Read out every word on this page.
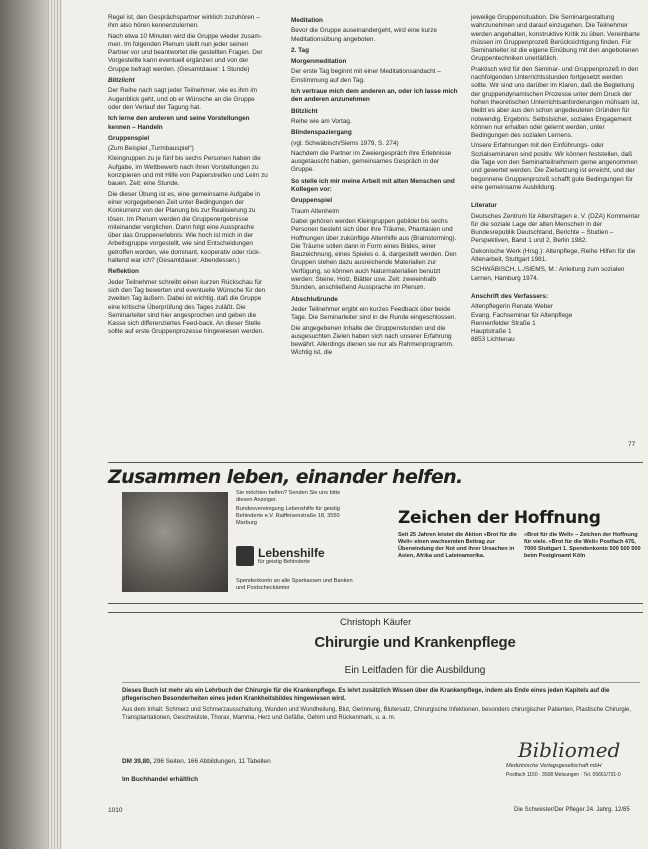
Regel ist, den Gesprächspartner wirklich zuzuhören – ihm also hören kennenzulernen.

Nach etwa 10 Minuten wird die Gruppe wieder zusammen. Im folgenden Plenum stellt nun jeder seinen Partner vor und beantwortet die gestellten Fragen. Der Vorgestellte kann eventuell ergänzen und von der Gruppe befragt werden. (Gesamtdauer: 1 Stunde)

Blitzlicht

Der Reihe nach sagt jeder Teilnehmer, wie es ihm im Augenblick geht, und ob er Wünsche an die Gruppe oder den Verlauf der Tagung hat.

Ich lerne den anderen und seine Vorstellungen kennen – Handeln

Gruppenspiel

(Zum Beispiel „Turmbauspiel“)

Kleingruppen zu je fünf bis sechs Personen haben die Aufgabe, im Wettbewerb nach ihren Vorstellungen zu konzipieren und mit Hilfe von Papierstreifen und Leim zu bauen. Zeit: eine Stunde.

Die dieser Übung ist es, eine gemeinsame Aufgabe in einer vorgegebenen Zeit unter Bedingungen der Konkurrenz von der Planung bis zur Realisierung zu lösen. Im Plenum werden die Gruppenergebnisse miteinander verglichen. Dann folgt eine Aussprache über das Gruppenerlebnis: Wie hoch ist mich in der Arbeitsgruppe vorgestellt, wie sind Entscheidungen getroffen worden, wie dominant, kooperativ oder rückhaltend war ich? (Gesamtdauer: Abendessen.)

Reflektion

Jeder Teilnehmer schreibt einen kurzen Rückschau für sich den Tag bewerten und eventuelle Wünsche für den zweiten Tag äußern. Dabei ist wichtig, daß die Gruppe eine kritische Überprüfung des Tages zuläßt. Die Seminarleiter sind hier angesprochen und geben die Kasse sich differenziertes Feed-back. An dieser Stelle sollte auf erste Gruppenprozesse hingewiesen werden.

Meditation

Bevor die Gruppe auseinandergeht, wird eine kurze Meditationsübung angeboten.

2. Tag

Morgenmeditation

Der erste Tag beginnt mit einer Meditationsandacht – Einstimmung auf den Tag.

Ich vertraue mich dem anderen an, oder ich lasse mich den anderen anzunehmen

Blitzlicht

Reihe wie am Vortag.

Blindenspaziergang

(vgl. Schwäbisch/Siems 1979, S. 274)

Nachdem die Partner im Zweiergespräch ihre Erlebnisse ausgetauscht haben, gemeinsames Gespräch in der Gruppe.

So stelle ich mir meine Arbeit mit alten Menschen und Kollegen vor:

Gruppenspiel

Traum Altenheim

Dabei gehören werden Kleingruppen gebildet bis sechs Personen besteht sich über ihre Träume, Phantasien und Hoffnungen über zukünftige Altenhilfe aus (Brainstorming). Die Träume sollen dann in Form eines Bildes, einer Bauzeichnung, eines Spieles o. ä. dargestellt werden. Den Gruppen stehen dazu ausreichende Materialien zur Verfügung, so können auch Naturmaterialien benutzt werden: Steine, Holz, Blätter usw. Zeit: zweieinhalb Stunden, anschließend Aussprache im Plenum.

Abschlußrunde

Jeder Teilnehmer ergibt ein kurzes Feedback über beide Tage. Die Seminarleiter sind in die Runde eingeschlossen.

Die angegebenen Inhalte der Gruppenstunden und die ausgesuchten Zielen haben sich nach unserer Erfahrung bewährt. Allerdings dienen sie nur als Rahmenprogramm. Wichtig ist, die

jeweilige Gruppensituation. Die Seminargestaltung wahrzunehmen und darauf einzugehen. Die Teilnehmer werden angehalten, konstruktive Kritik zu üben. Vereinbarte müssen im Gruppenprozeß Berücksichtigung finden. Für Seminarleiter ist die eigene Einübung mit den angebotenen Gruppentechniken unerläßlich.

Praktisch wird für den Seminar- und Gruppenprozeß in den nachfolgenden Unterrichtsstunden fortgesetzt werden sollte. Wir sind uns darüber im Klaren, daß die Begleitung der gruppendynamischen Prozesse unter dem Druck der hohen theoretischen Unterrichtsanforderungen mühsam ist, bleibt es aber aus den schon angedeuteten Gründen für notwendig. Ergebnis: Selbstsicher, soziales Engagement können nur erhalten oder gelernt werden, unter Bedingungen des sozialen Lernens.

Unsere Erfahrungen mit den Einführungs- oder Sozialseminaren sind positiv. Wir können feststellen, daß die Tage von den Seminarteilnehmern gerne angenommen und gewertet werden. Die Zielsetzung ist erreicht, und der begonnene Gruppenprozeß schafft gute Bedingungen für eine gemeinsame Ausbildung.

Literatur

Deutsches Zentrum für Altersfragen e. V. (DZA) Kommentar für die soziale Lage der alten Menschen in der Bundesrepublik Deutschland, Berichte – Studien – Perspektiven, Band 1 und 2, Berlin 1982.

Dekonische Werk (Hrsg.): Altenpflege, Reihe Hilfen für die Altenarbeit, Stuttgart 1981.

SCHWÄBISCH, L./SIEMS, M.: Anleitung zum sozialen Lernen, Hamburg 1974.

Anschrift des Verfassers:

Altenpflegerin Renate Weber
Evang. Fachseminar für Altenpflege
Rennenfelder Straße 1
Hauptstraße 1
8853 Lichtenau

77
Zusammen leben, einander helfen.

Sie möchten helfen? Senden Sie uns bitte diesen Anzeiger.

Bundesvereinigung Lebenshilfe für geistig Behinderte e.V. Raiffeisenstraße 18, 3550 Marburg

Lebenshilfe
für geistig Behinderte
Spendenkonto an alle Sparkassen und Banken und Postscheckämter
Zeichen der Hoffnung
Seit 25 Jahren leistet die Aktion »Brot für die Welt« einen wachsenden Beitrag zur Überwindung der Not und ihrer Ursachen in Asien, Afrika und Lateinamerika.
»Brot für die Welt« – Zeichen der Hoffnung für viele. »Brot für die Welt« Postfach 476, 7000 Stuttgart 1. Spendenkonto 500 500 500 beim Postgiroamt Köln
Christoph Käufer
Chirurgie und Krankenpflege
Ein Leitfaden für die Ausbildung

Dieses Buch ist mehr als ein Lehrbuch der Chirurgie für die Krankenpflege. Es lehrt zusätzlich Wissen über die Krankenpflege, indem als Ende eines jeden Kapitels auf die pflegerischen Besonderheiten eines jeden Krankheitsbildes hingewiesen wird.

Aus dem Inhalt: Schmerz und Schmerzausschaltung, Wunden und Wundheilung, Blut, Gerinnung, Blutersatz, Chirurgische Infektionen, besonders chirurgischer Patienten, Plastische Chirurgie, Transplantationen, Geschwülste, Thorax, Mamma, Herz und Gefäße, Gehirn und Rückenmark, u. a. m.

DM 39,80, 296 Seiten, 166 Abbildungen, 11 Tabellen
Im Buchhandel erhältlich
Bibliomed
Medizinische Verlagsgesellschaft mbH
Postfach 1150 · 3508 Melsungen · Tel. 05661/731-0
1010	Die Schwester/Der Pfleger 24. Jahrg. 12/85
